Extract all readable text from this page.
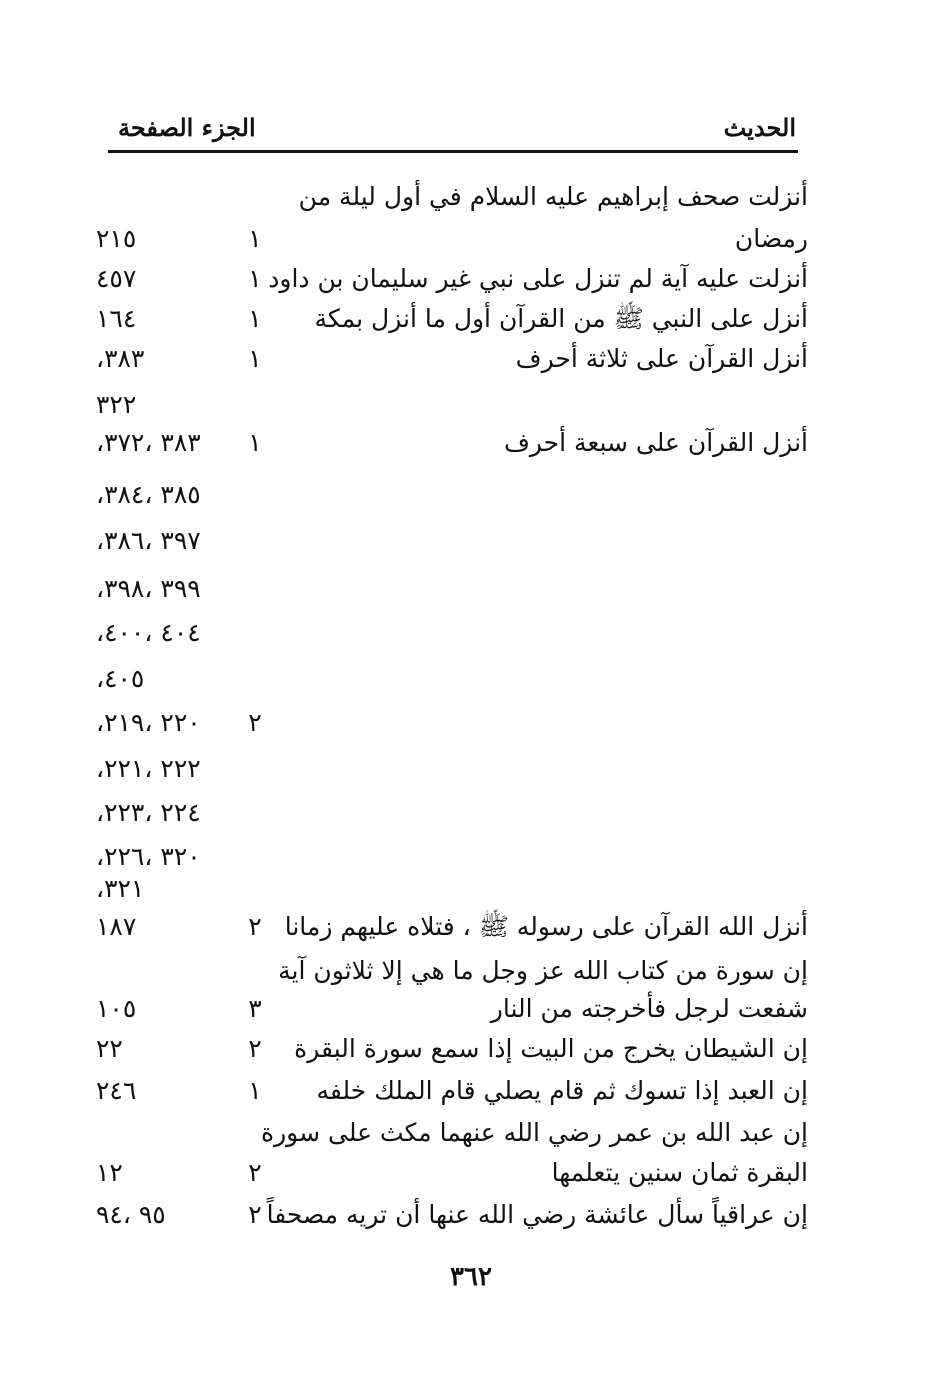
الحديث
الجزء الصفحة
أنزلت صحف إبراهيم عليه السلام في أول ليلة من
رمضان
١
٢١٥
أنزلت عليه آية لم تنزل على نبي غير سليمان بن داود
١
٤٥٧
أنزل على النبي ﷺ من القرآن أول ما أنزل بمكة
١
١٦٤
أنزل القرآن على ثلاثة أحرف
١
،٣٨٣
٣٢٢
أنزل القرآن على سبعة أحرف
١
،٣٨٣ ،٣٧٢
،٣٨٥ ،٣٨٤
،٣٩٧ ،٣٨٦
،٣٩٩ ،٣٩٨
،٤٠٤ ،٤٠٠
،٤٠٥
٢
،٢٢٠ ،٢١٩
،٢٢٢ ،٢٢١
،٢٢٤ ،٢٢٣
،٣٢٠ ،٢٢٦
،٣٢١
أنزل الله القرآن على رسوله ﷺ ، فتلاه عليهم زمانا
٢
١٨٧
إن سورة من كتاب الله عز وجل ما هي إلا ثلاثون آية
شفعت لرجل فأخرجته من النار
٣
١٠٥
إن الشيطان يخرج من البيت إذا سمع سورة البقرة
٢
٢٢
إن العبد إذا تسوك ثم قام يصلي قام الملك خلفه
١
٢٤٦
إن عبد الله بن عمر رضي الله عنهما مكث على سورة
البقرة ثمان سنين يتعلمها
٢
١٢
إن عراقياً سأل عائشة رضي الله عنها أن تريه مصحفاً
٢
٩٥ ،٩٤
٣٦٢
